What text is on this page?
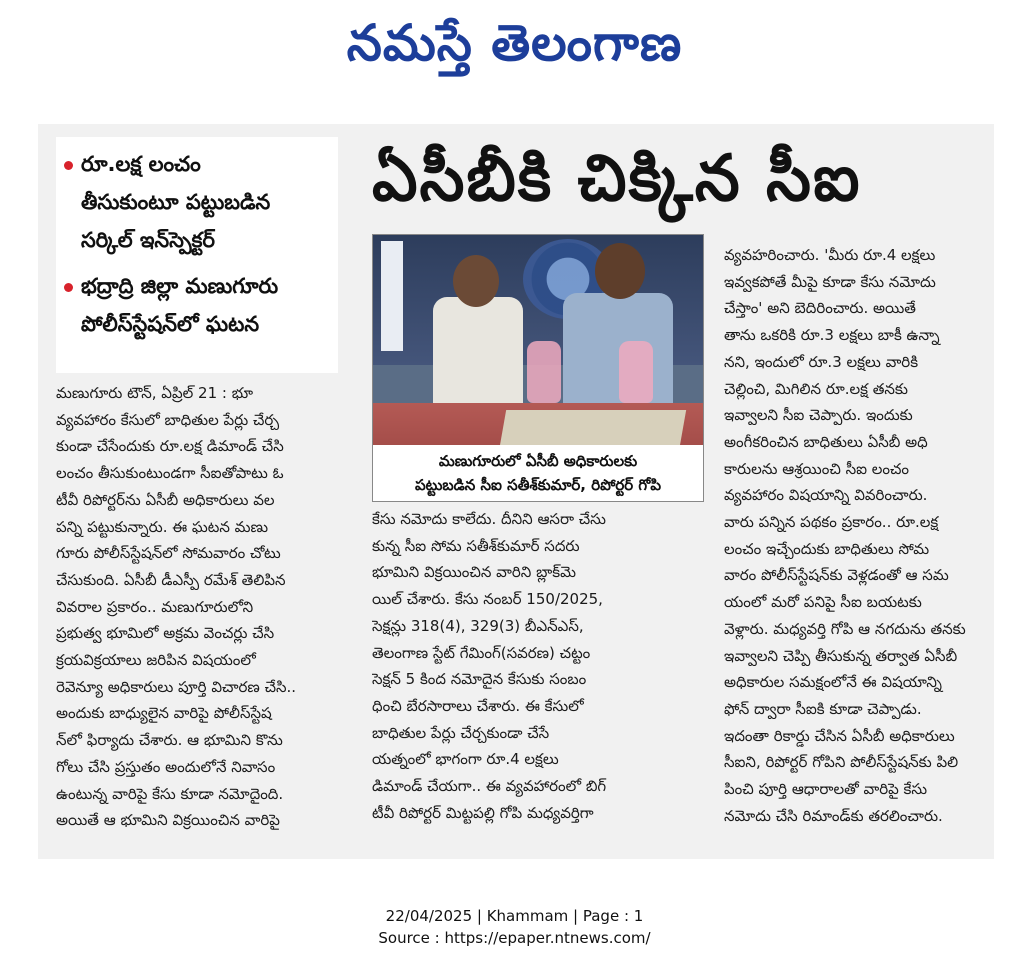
నమస్తే తెలంగాణ

రూ.లక్ష లంచం

తీసుకుంటూ పట్టుబడిన

సర్కిల్ ఇన్‌స్పెక్టర్

భద్రాద్రి జిల్లా మణుగూరు

పోలీస్‌స్టేషన్‌లో ఘటన

ఏసీబీకి చిక్కిన సీఐ

మణుగూరులో ఏసీబీ అధికారులకు

పట్టుబడిన సీఐ సతీశ్‌కుమార్, రిపోర్టర్ గోపి

మణుగూరు టౌన్, ఏప్రిల్ 21 : భూ

వ్యవహారం కేసులో బాధితుల పేర్లు చేర్చ

కుండా చేసేందుకు రూ.లక్ష డిమాండ్ చేసి

లంచం తీసుకుంటుండగా సీఐతోపాటు ఓ

టీవీ రిపోర్టర్‌ను ఏసీబీ అధికారులు వల

పన్ని పట్టుకున్నారు. ఈ ఘటన మణు

గూరు పోలీస్‌స్టేషన్‌లో సోమవారం చోటు

చేసుకుంది. ఏసీబీ డీఎస్పీ రమేశ్ తెలిపిన

వివరాల ప్రకారం.. మణుగూరులోని

ప్రభుత్వ భూమిలో అక్రమ వెంచర్లు చేసి

క్రయవిక్రయాలు జరిపిన విషయంలో

రెవెన్యూ అధికారులు పూర్తి విచారణ చేసి..

అందుకు బాధ్యులైన వారిపై పోలీస్‌స్టేష

న్‌లో ఫిర్యాదు చేశారు. ఆ భూమిని కొను

గోలు చేసి ప్రస్తుతం అందులోనే నివాసం

ఉంటున్న వారిపై కేసు కూడా నమోదైంది.

అయితే ఆ భూమిని విక్రయించిన వారిపై

కేసు నమోదు కాలేదు. దీనిని ఆసరా చేసు

కున్న సీఐ సోమ సతీశ్‌కుమార్ సదరు

భూమిని విక్రయించిన వారిని బ్లాక్‌మె

యిల్ చేశారు. కేసు నంబర్ 150/2025,

సెక్షన్లు 318(4), 329(3) బీఎన్ఎస్,

తెలంగాణ స్టేట్ గేమింగ్(సవరణ) చట్టం

సెక్షన్ 5 కింద నమోదైన కేసుకు సంబం

ధించి బేరసారాలు చేశారు. ఈ కేసులో

బాధితుల పేర్లు చేర్చకుండా చేసే

యత్నంలో భాగంగా రూ.4 లక్షలు

డిమాండ్ చేయగా.. ఈ వ్యవహారంలో బిగ్

టీవీ రిపోర్టర్ మిట్టపల్లి గోపి మధ్యవర్తిగా

వ్యవహరించారు. 'మీరు రూ.4 లక్షలు

ఇవ్వకపోతే మీపై కూడా కేసు నమోదు

చేస్తాం' అని బెదిరించారు. అయితే

తాను ఒకరికి రూ.3 లక్షలు బాకీ ఉన్నా

నని, ఇందులో రూ.3 లక్షలు వారికి

చెల్లించి, మిగిలిన రూ.లక్ష తనకు

ఇవ్వాలని సీఐ చెప్పారు. ఇందుకు

అంగీకరించిన బాధితులు ఏసీబీ అధి

కారులను ఆశ్రయించి సీఐ లంచం

వ్యవహారం విషయాన్ని వివరించారు.

వారు పన్నిన పథకం ప్రకారం.. రూ.లక్ష

లంచం ఇచ్చేందుకు బాధితులు సోమ

వారం పోలీస్‌స్టేషన్‌కు వెళ్లడంతో ఆ సమ

యంలో మరో పనిపై సీఐ బయటకు

వెళ్లారు. మధ్యవర్తి గోపి ఆ నగదును తనకు

ఇవ్వాలని చెప్పి తీసుకున్న తర్వాత ఏసీబీ

అధికారుల సమక్షంలోనే ఈ విషయాన్ని

ఫోన్ ద్వారా సీఐకి కూడా చెప్పాడు.

ఇదంతా రికార్డు చేసిన ఏసీబీ అధికారులు

సీఐని, రిపోర్టర్ గోపిని పోలీస్‌స్టేషన్‌కు పిలి

పించి పూర్తి ఆధారాలతో వారిపై కేసు

నమోదు చేసి రిమాండ్‌కు తరలించారు.

22/04/2025 | Khammam | Page : 1

Source : https://epaper.ntnews.com/
